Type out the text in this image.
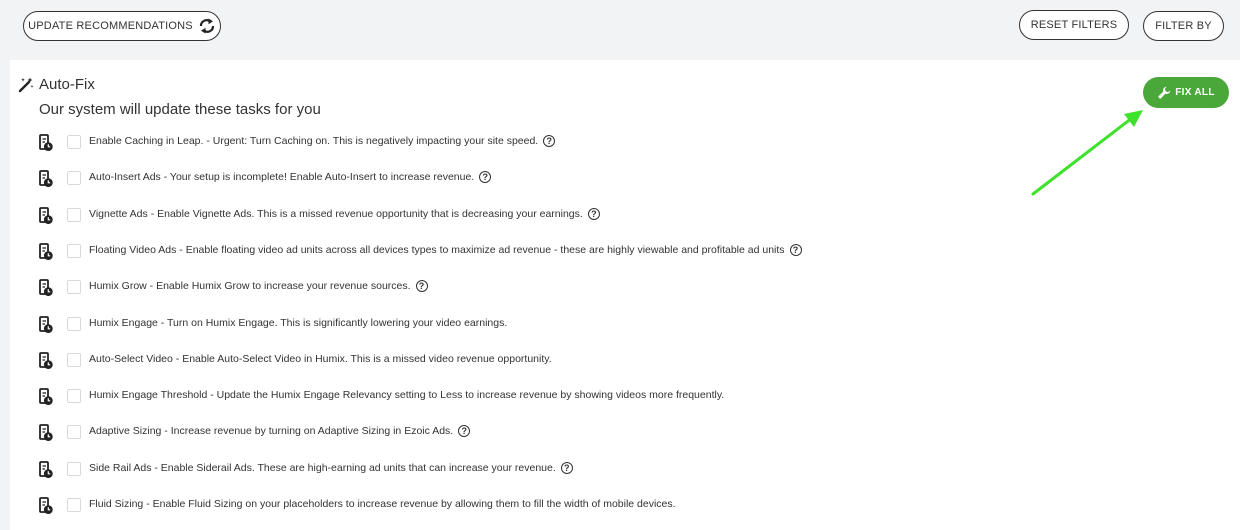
UPDATE RECOMMENDATIONS	RESET FILTERS	FILTER BY
Auto-Fix
Our system will update these tasks for you
FIX ALL
Enable Caching in Leap. - Urgent: Turn Caching on. This is negatively impacting your site speed. ?
Auto-Insert Ads - Your setup is incomplete! Enable Auto-Insert to increase revenue. ?
Vignette Ads - Enable Vignette Ads. This is a missed revenue opportunity that is decreasing your earnings. ?
Floating Video Ads - Enable floating video ad units across all devices types to maximize ad revenue - these are highly viewable and profitable ad units ?
Humix Grow - Enable Humix Grow to increase your revenue sources. ?
Humix Engage - Turn on Humix Engage. This is significantly lowering your video earnings.
Auto-Select Video - Enable Auto-Select Video in Humix. This is a missed video revenue opportunity.
Humix Engage Threshold - Update the Humix Engage Relevancy setting to Less to increase revenue by showing videos more frequently.
Adaptive Sizing - Increase revenue by turning on Adaptive Sizing in Ezoic Ads. ?
Side Rail Ads - Enable Siderail Ads. These are high-earning ad units that can increase your revenue. ?
Fluid Sizing - Enable Fluid Sizing on your placeholders to increase revenue by allowing them to fill the width of mobile devices.
